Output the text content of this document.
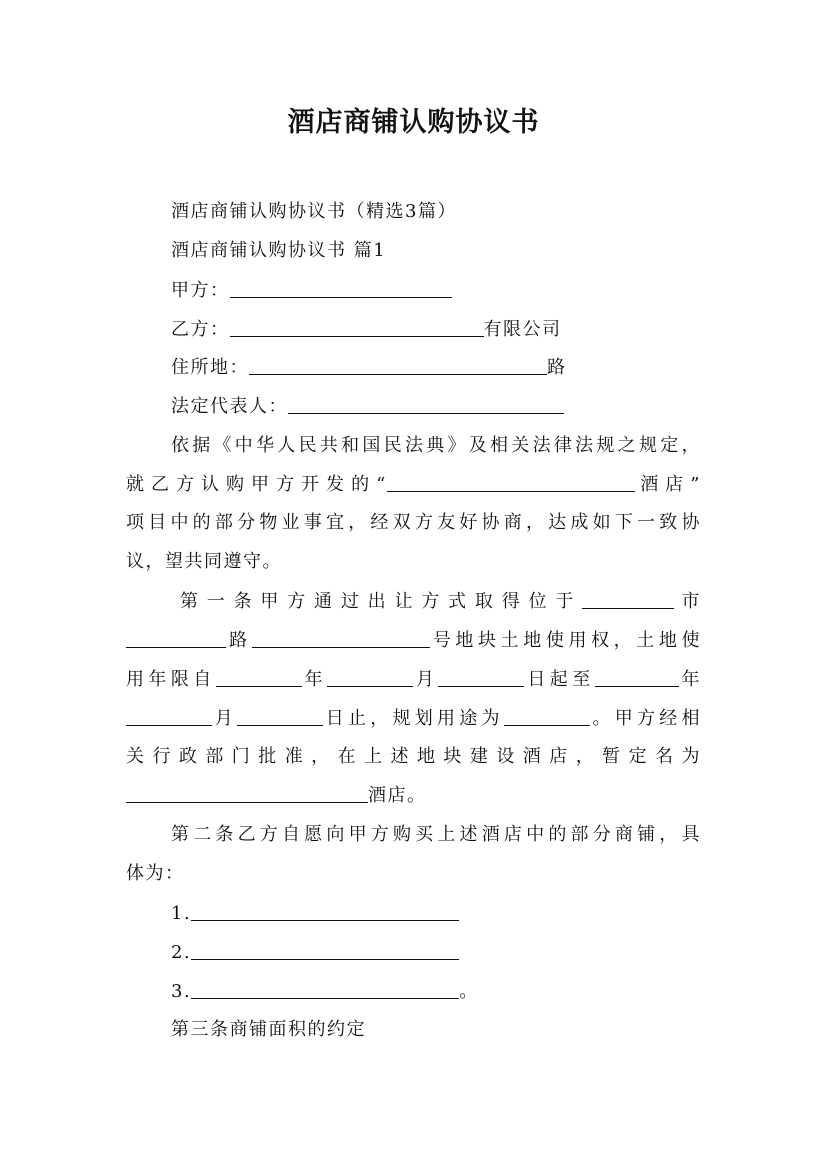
酒店商铺认购协议书
酒店商铺认购协议书（精选3篇）
酒店商铺认购协议书 篇1
甲方：
乙方：	有限公司
住所地：	路
法定代表人：
依据《中华人民共和国民法典》及相关法律法规之规定，
就乙方认购甲方开发的“	酒店”
项目中的部分物业事宜，经双方友好协商，达成如下一致协
议，望共同遵守。
第一条甲方通过出让方式取得位于	市
路	号地块土地使用权，土地使
用年限自	年	月	日起至	年
月	日止，规划用途为	。甲方经相
关行政部门批准，在上述地块建设酒店，暂定名为
酒店。
第二条乙方自愿向甲方购买上述酒店中的部分商铺，具
体为：
1.
2.
3.	。
第三条商铺面积的约定
